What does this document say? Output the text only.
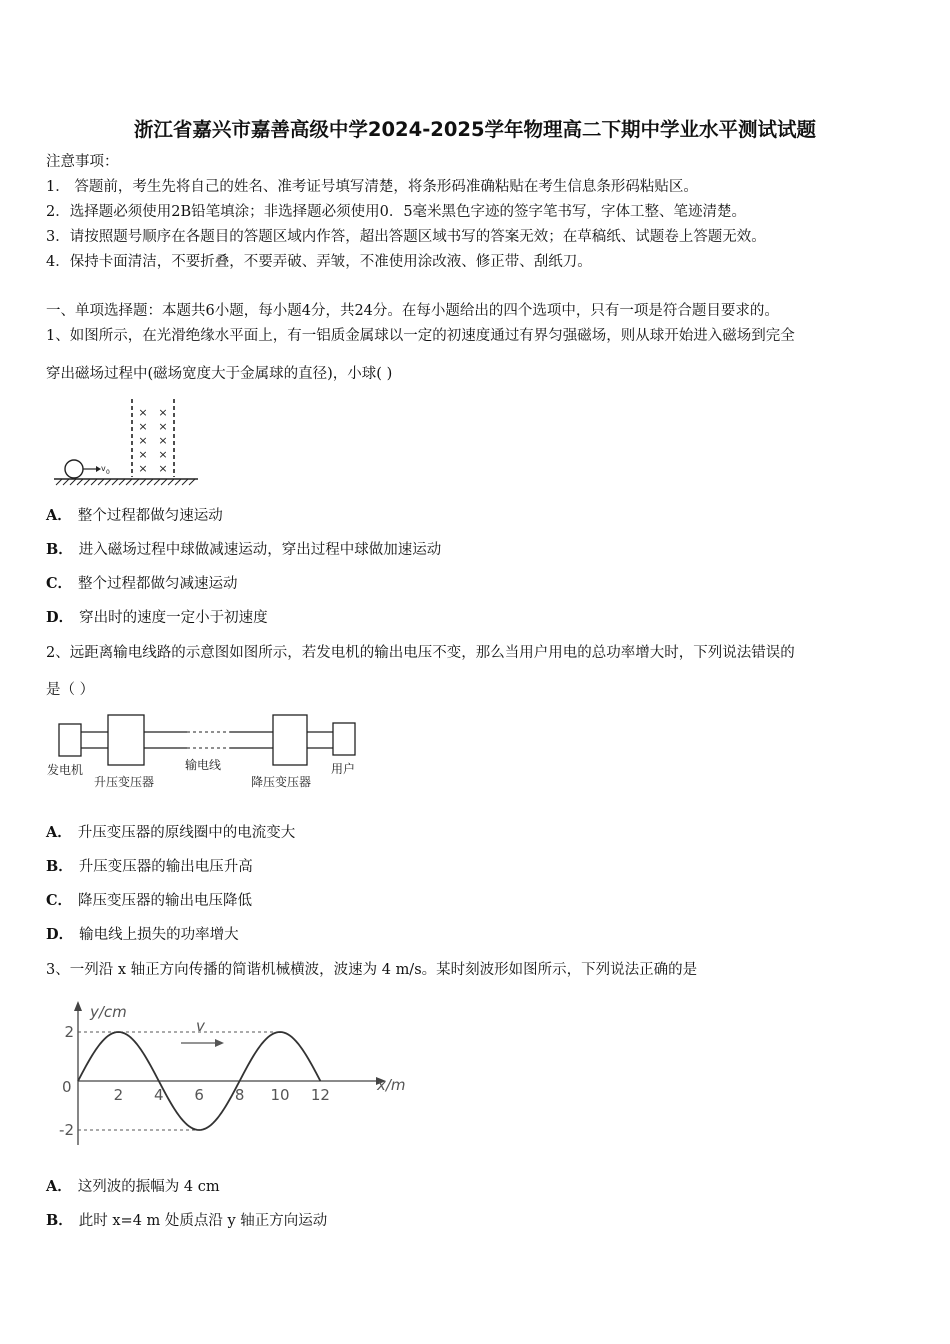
浙江省嘉兴市嘉善高级中学2024-2025学年物理高二下期中学业水平测试试题
注意事项：
1． 答题前，考生先将自己的姓名、准考证号填写清楚，将条形码准确粘贴在考生信息条形码粘贴区。
2．选择题必须使用2B铅笔填涂；非选择题必须使用0．5毫米黑色字迹的签字笔书写，字体工整、笔迹清楚。
3．请按照题号顺序在各题目的答题区域内作答，超出答题区域书写的答案无效；在草稿纸、试题卷上答题无效。
4．保持卡面清洁，不要折叠，不要弄破、弄皱，不准使用涂改液、修正带、刮纸刀。
一、单项选择题：本题共6小题，每小题4分，共24分。在每小题给出的四个选项中，只有一项是符合题目要求的。
1、如图所示，在光滑绝缘水平面上，有一铝质金属球以一定的初速度通过有界匀强磁场，则从球开始进入磁场到完全
穿出磁场过程中(磁场宽度大于金属球的直径)，小球( )
× ×
× ×
× ×
× ×
× ×
v 0
A． 整个过程都做匀速运动
B． 进入磁场过程中球做减速运动，穿出过程中球做加速运动
C． 整个过程都做匀减速运动
D． 穿出时的速度一定小于初速度
2、远距离输电线路的示意图如图所示，若发电机的输出电压不变，那么当用户用电的总功率增大时，下列说法错误的
是（ ）
发电机
升压变压器
输电线
降压变压器
用户
A． 升压变压器的原线圈中的电流变大
B． 升压变压器的输出电压升高
C． 降压变压器的输出电压降低
D． 输电线上损失的功率增大
3、一列沿 x 轴正方向传播的简谐机械横波，波速为 4 m/s。某时刻波形如图所示，下列说法正确的是
y/cm
x/m
0
v
2 4 6 8 10 12
2
-2
A． 这列波的振幅为 4 cm
B． 此时 x=4 m 处质点沿 y 轴正方向运动
